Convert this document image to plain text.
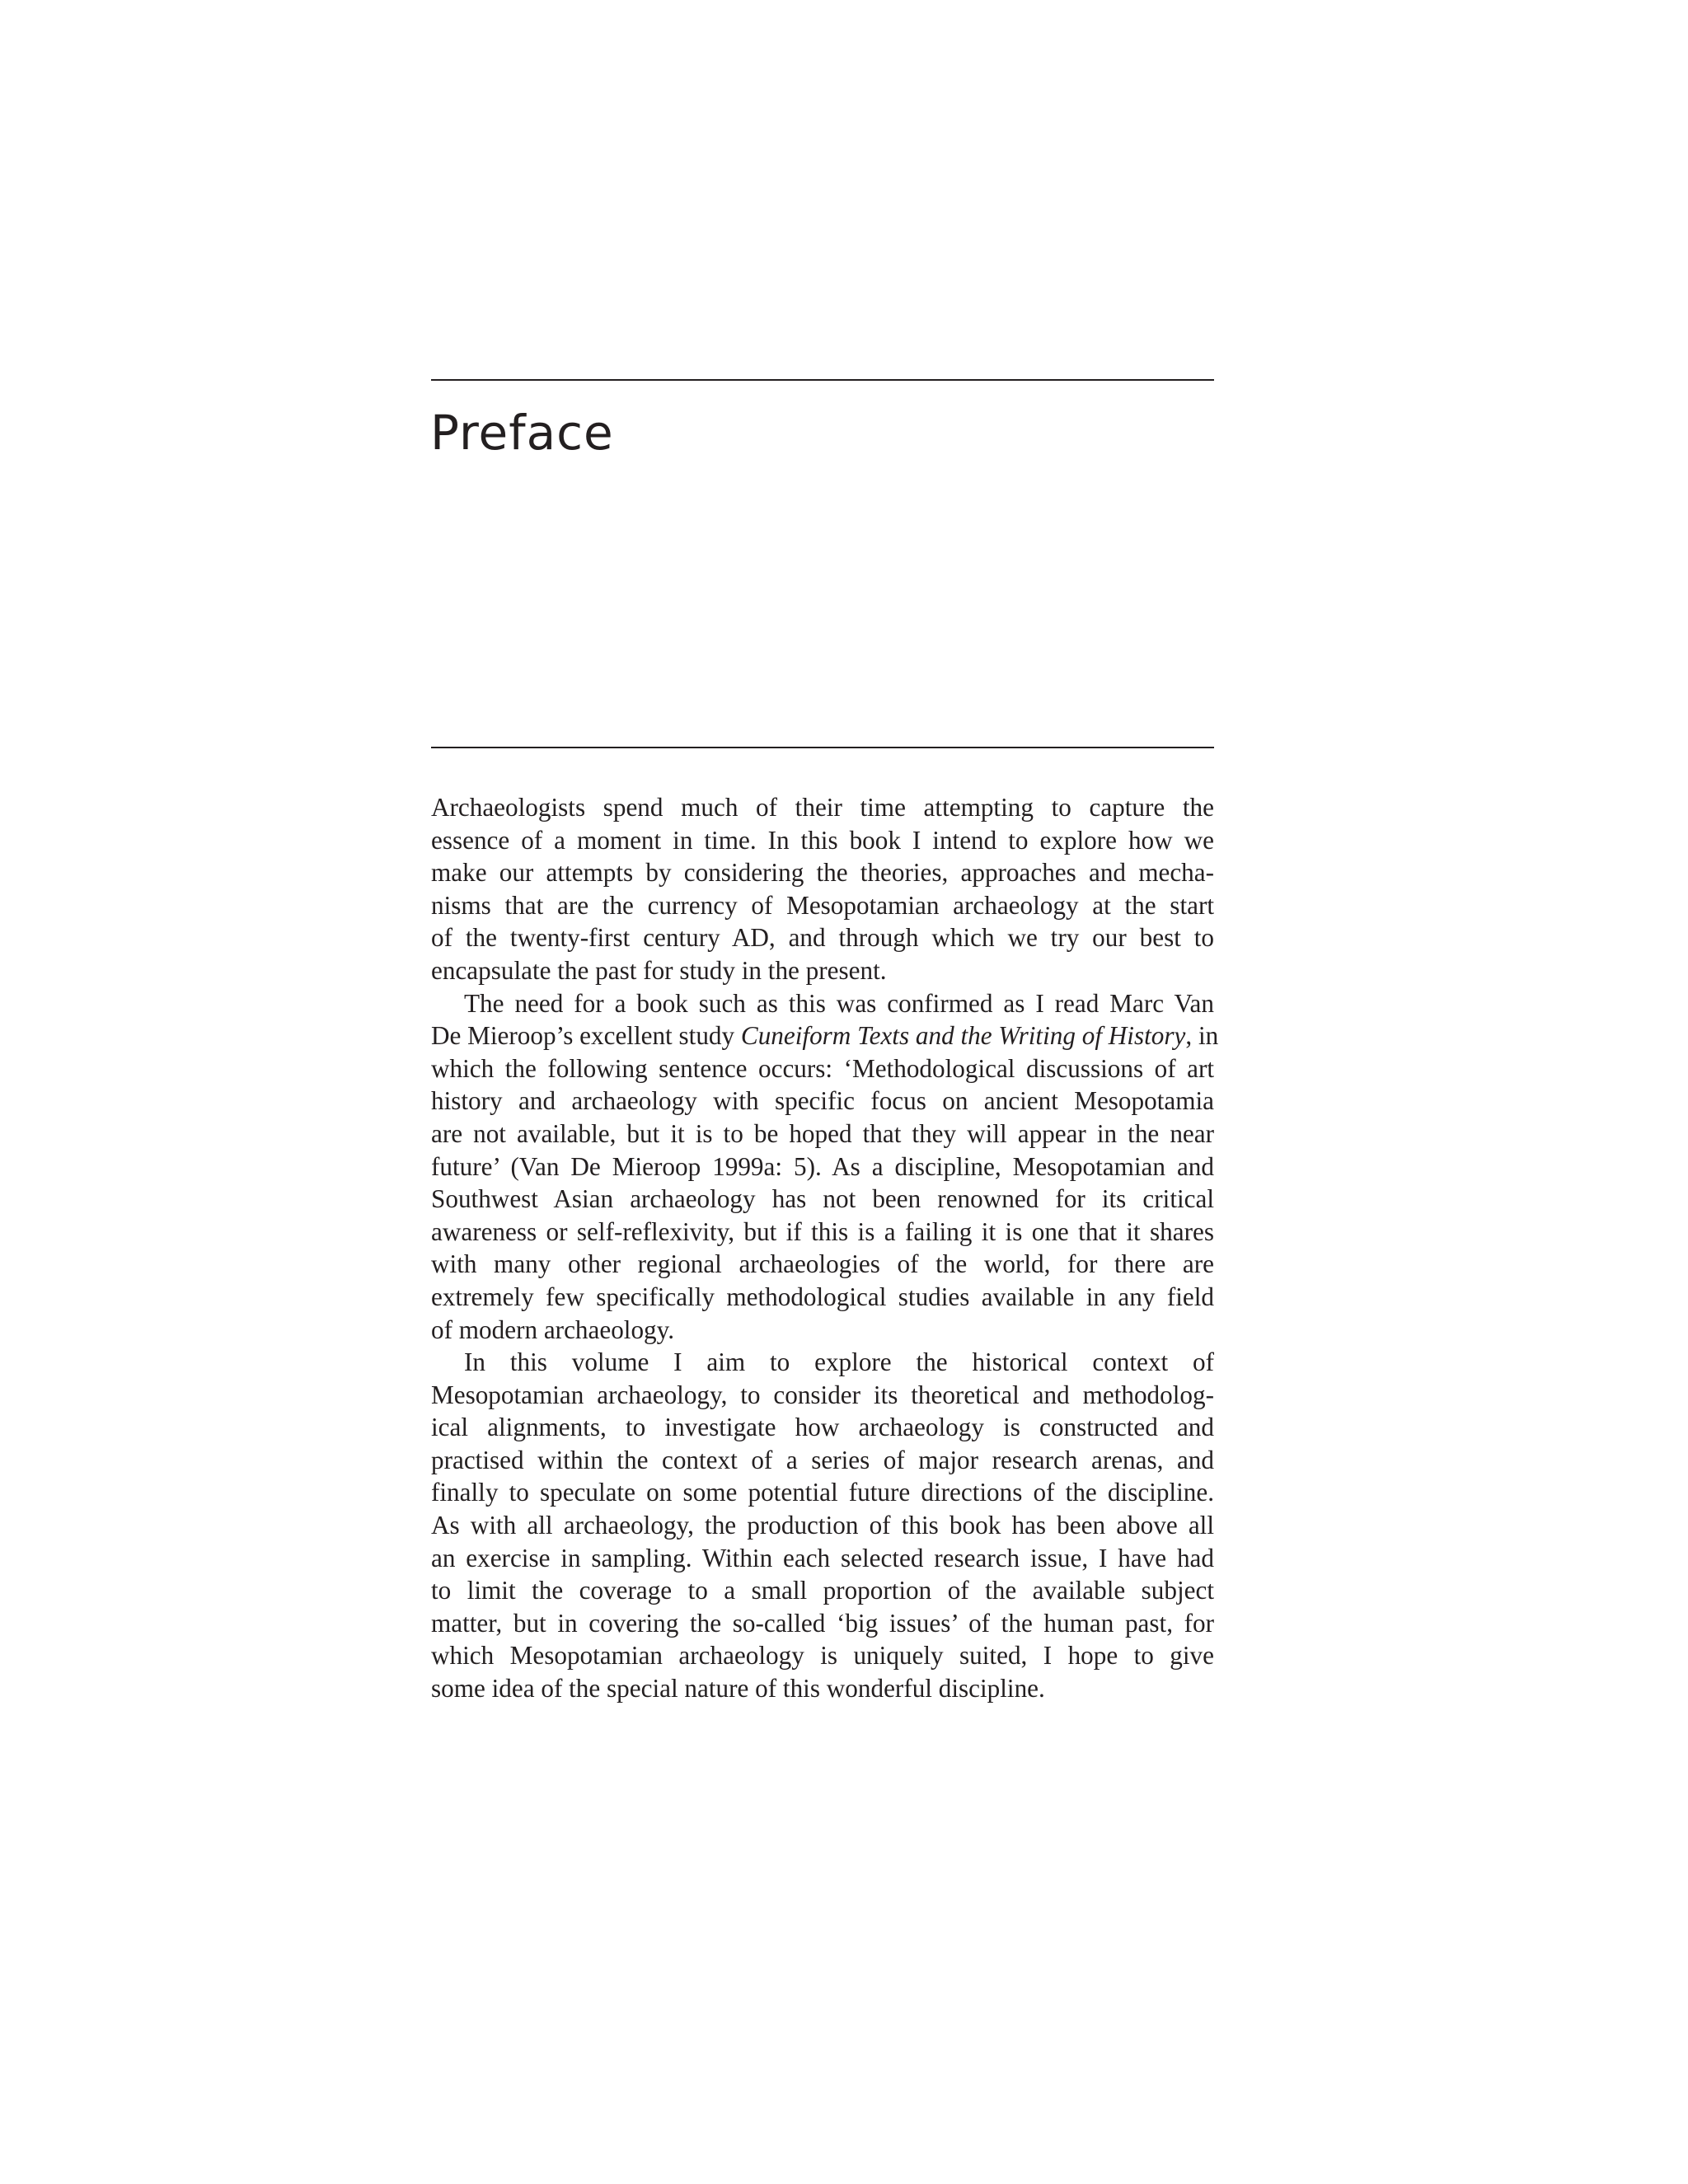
Preface
Archaeologists spend much of their time attempting to capture the
essence of a moment in time. In this book I intend to explore how we
make our attempts by considering the theories, approaches and mecha-
nisms that are the currency of Mesopotamian archaeology at the start
of the twenty-first century AD, and through which we try our best to
encapsulate the past for study in the present.
The need for a book such as this was confirmed as I read Marc Van
De Mieroop’s excellent study Cuneiform Texts and the Writing of History, in
which the following sentence occurs: ‘Methodological discussions of art
history and archaeology with specific focus on ancient Mesopotamia
are not available, but it is to be hoped that they will appear in the near
future’ (Van De Mieroop 1999a: 5). As a discipline, Mesopotamian and
Southwest Asian archaeology has not been renowned for its critical
awareness or self-reflexivity, but if this is a failing it is one that it shares
with many other regional archaeologies of the world, for there are
extremely few specifically methodological studies available in any field
of modern archaeology.
In this volume I aim to explore the historical context of
Mesopotamian archaeology, to consider its theoretical and methodolog-
ical alignments, to investigate how archaeology is constructed and
practised within the context of a series of major research arenas, and
finally to speculate on some potential future directions of the discipline.
As with all archaeology, the production of this book has been above all
an exercise in sampling. Within each selected research issue, I have had
to limit the coverage to a small proportion of the available subject
matter, but in covering the so-called ‘big issues’ of the human past, for
which Mesopotamian archaeology is uniquely suited, I hope to give
some idea of the special nature of this wonderful discipline.
